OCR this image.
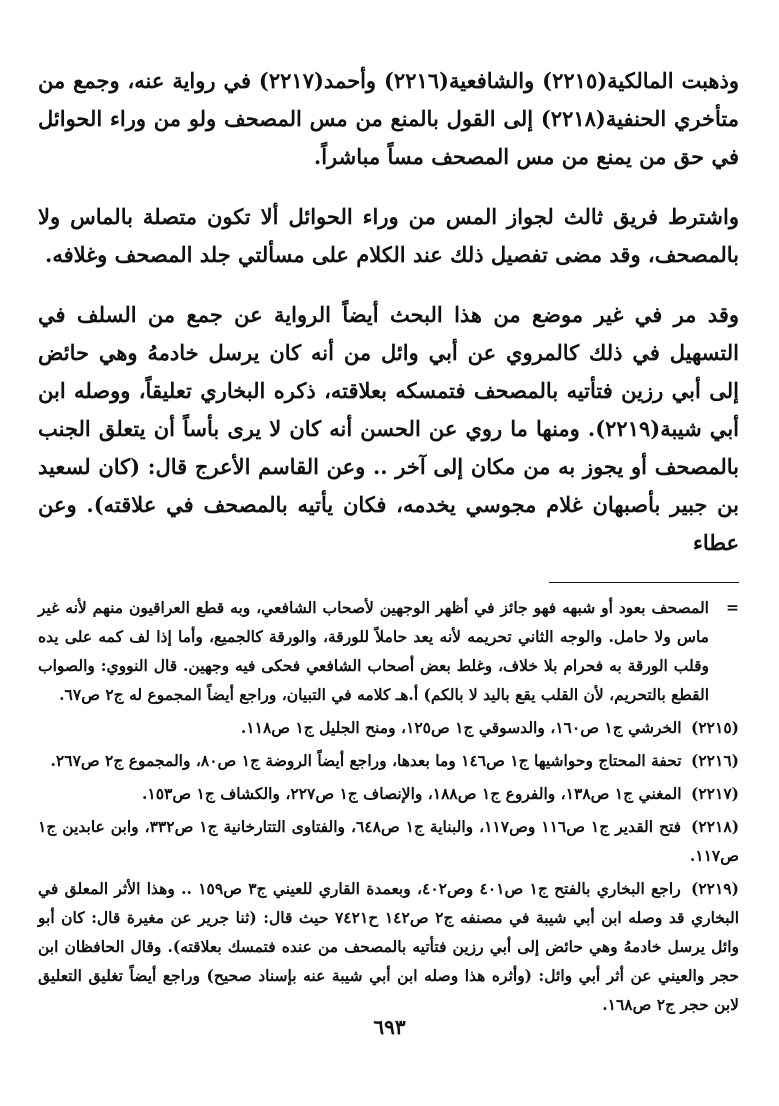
وذهبت المالكية(٢٢١٥) والشافعية(٢٢١٦) وأحمد(٢٢١٧) في رواية عنه، وجمع من متأخري الحنفية(٢٢١٨) إلى القول بالمنع من مس المصحف ولو من وراء الحوائل في حق من يمنع من مس المصحف مساً مباشراً.

واشترط فريق ثالث لجواز المس من وراء الحوائل ألا تكون متصلة بالماس ولا بالمصحف، وقد مضى تفصيل ذلك عند الكلام على مسألتي جلد المصحف وغلافه.

وقد مر في غير موضع من هذا البحث أيضاً الرواية عن جمع من السلف في التسهيل في ذلك كالمروي عن أبي وائل من أنه كان يرسل خادمهُ وهي حائض إلى أبي رزين فتأتيه بالمصحف فتمسكه بعلاقته، ذكره البخاري تعليقاً، ووصله ابن أبي شيبة(٢٢١٩). ومنها ما روي عن الحسن أنه كان لا يرى بأساً أن يتعلق الجنب بالمصحف أو يجوز به من مكان إلى آخر .. وعن القاسم الأعرج قال: (كان لسعيد بن جبير بأصبهان غلام مجوسي يخدمه، فكان يأتيه بالمصحف في علاقته). وعن عطاء

=
المصحف بعود أو شبهه فهو جائز في أظهر الوجهين لأصحاب الشافعي، وبه قطع العراقيون منهم لأنه غير ماس ولا حامل. والوجه الثاني تحريمه لأنه يعد حاملاً للورقة، والورقة كالجميع، وأما إذا لف كمه على يده وقلب الورقة به فحرام بلا خلاف، وغلط بعض أصحاب الشافعي فحكى فيه وجهين. قال النووي: والصواب القطع بالتحريم، لأن القلب يقع باليد لا بالكم) أ.هـ كلامه في التبيان، وراجع أيضاً المجموع له ج٢ ص٦٧.
(٢٢١٥) الخرشي ج١ ص١٦٠، والدسوقي ج١ ص١٢٥، ومنح الجليل ج١ ص١١٨.
(٢٢١٦) تحفة المحتاج وحواشيها ج١ ص١٤٦ وما بعدها، وراجع أيضاً الروضة ج١ ص٨٠، والمجموع ج٢ ص٢٦٧.
(٢٢١٧) المغني ج١ ص١٣٨، والفروع ج١ ص١٨٨، والإنصاف ج١ ص٢٢٧، والكشاف ج١ ص١٥٣.
(٢٢١٨) فتح القدير ج١ ص١١٦ وص١١٧، والبناية ج١ ص٦٤٨، والفتاوى التتارخانية ج١ ص٣٣٢، وابن عابدين ج١ ص١١٧.
(٢٢١٩) راجع البخاري بالفتح ج١ ص٤٠١ وص٤٠٢، وبعمدة القاري للعيني ج٣ ص١٥٩ .. وهذا الأثر المعلق في البخاري قد وصله ابن أبي شيبة في مصنفه ج٢ ص١٤٢ ح٧٤٢١ حيث قال: (ثنا جرير عن مغيرة قال: كان أبو وائل يرسل خادمهُ وهي حائض إلى أبي رزين فتأتيه بالمصحف من عنده فتمسك بعلاقته). وقال الحافظان ابن حجر والعيني عن أثر أبي وائل: (وأثره هذا وصله ابن أبي شيبة عنه بإسناد صحيح) وراجع أيضاً تغليق التعليق لابن حجر ج٢ ص١٦٨.
٦٩٣
